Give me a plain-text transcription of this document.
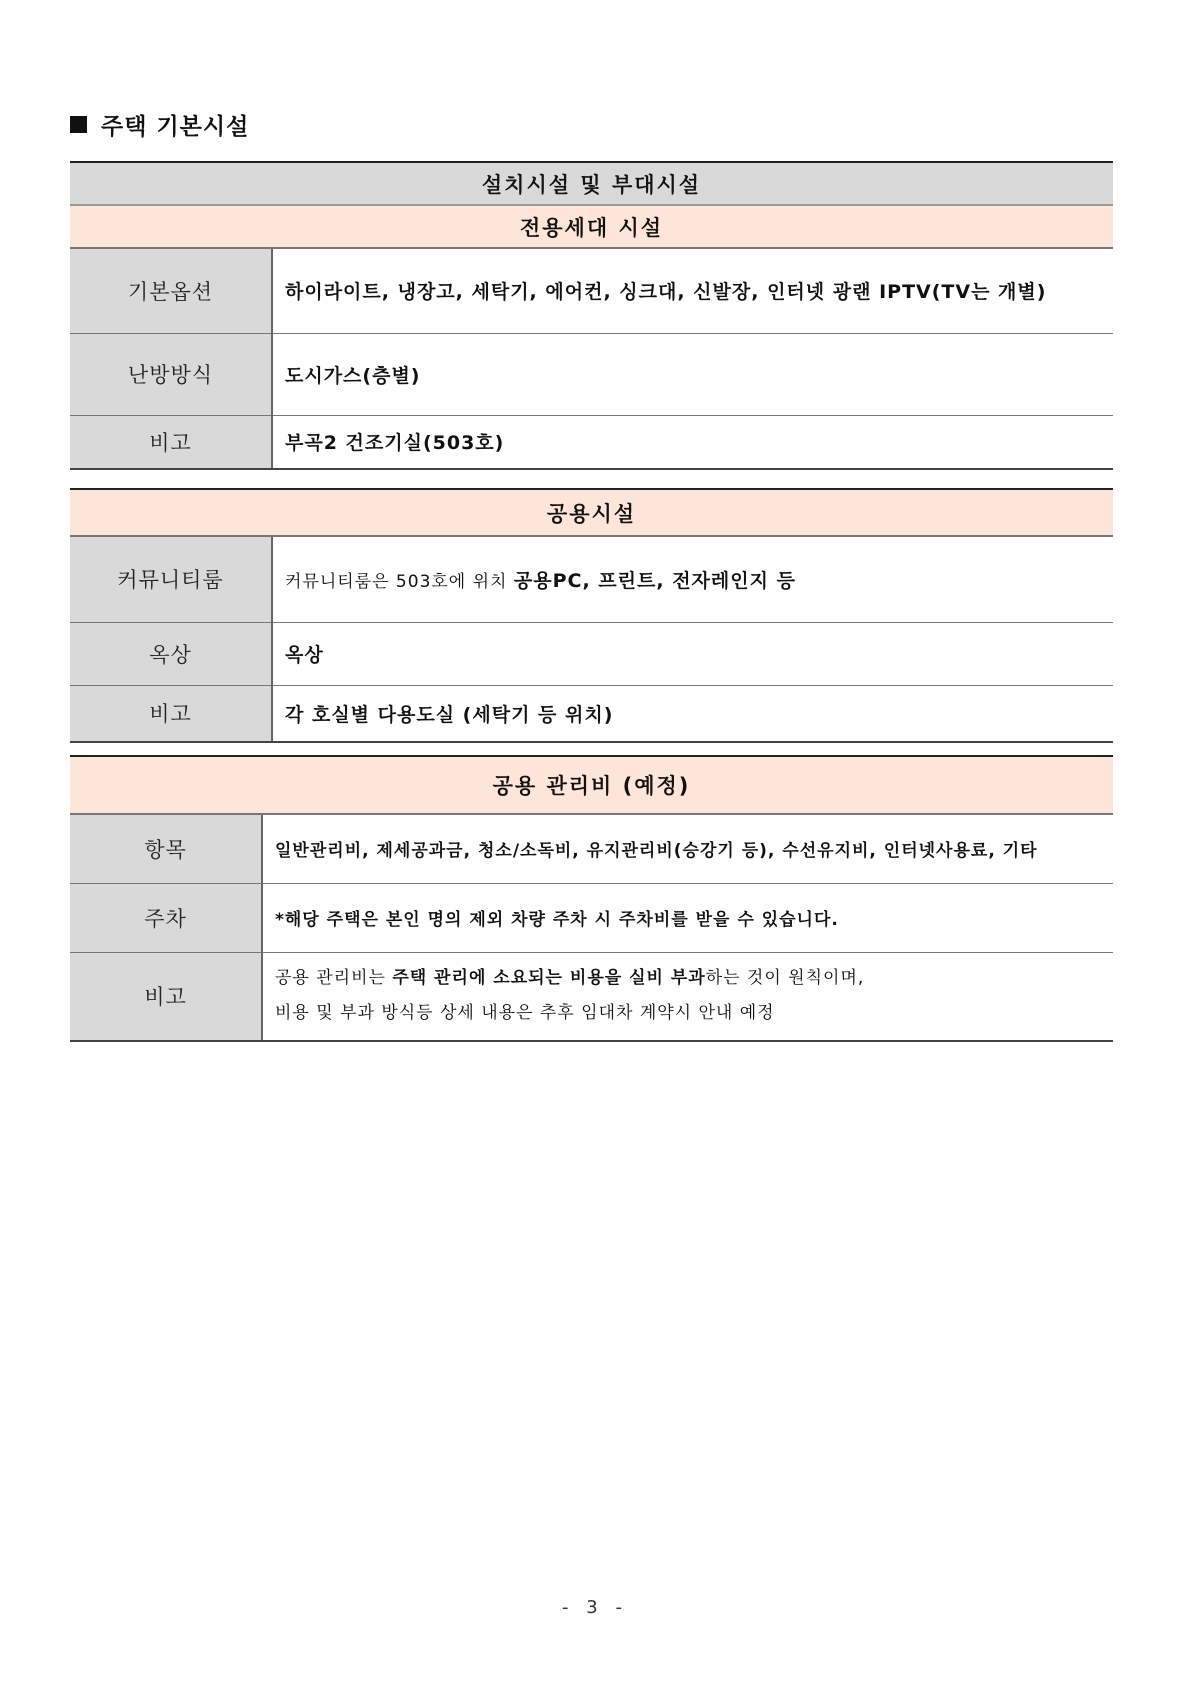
주택 기본시설
설치시설 및 부대시설	
전용세대 시설	
기본옵션	하이라이트, 냉장고, 세탁기, 에어컨, 싱크대, 신발장, 인터넷 광랜 IPTV(TV는 개별)
난방방식	도시가스(층별)
비고	부곡2 건조기실(503호)
공용시설	
커뮤니티룸	커뮤니티룸은 503호에 위치 공용PC, 프린트, 전자레인지 등
옥상	옥상
비고	각 호실별 다용도실 (세탁기 등 위치)
공용 관리비 (예정)	
항목	일반관리비, 제세공과금, 청소/소독비, 유지관리비(승강기 등), 수선유지비, 인터넷사용료, 기타
주차	*해당 주택은 본인 명의 제외 차량 주차 시 주차비를 받을 수 있습니다.
비고	공용 관리비는 주택 관리에 소요되는 비용을 실비 부과하는 것이 원칙이며,
비용 및 부과 방식등 상세 내용은 추후 임대차 계약시 안내 예정
- 3 -
